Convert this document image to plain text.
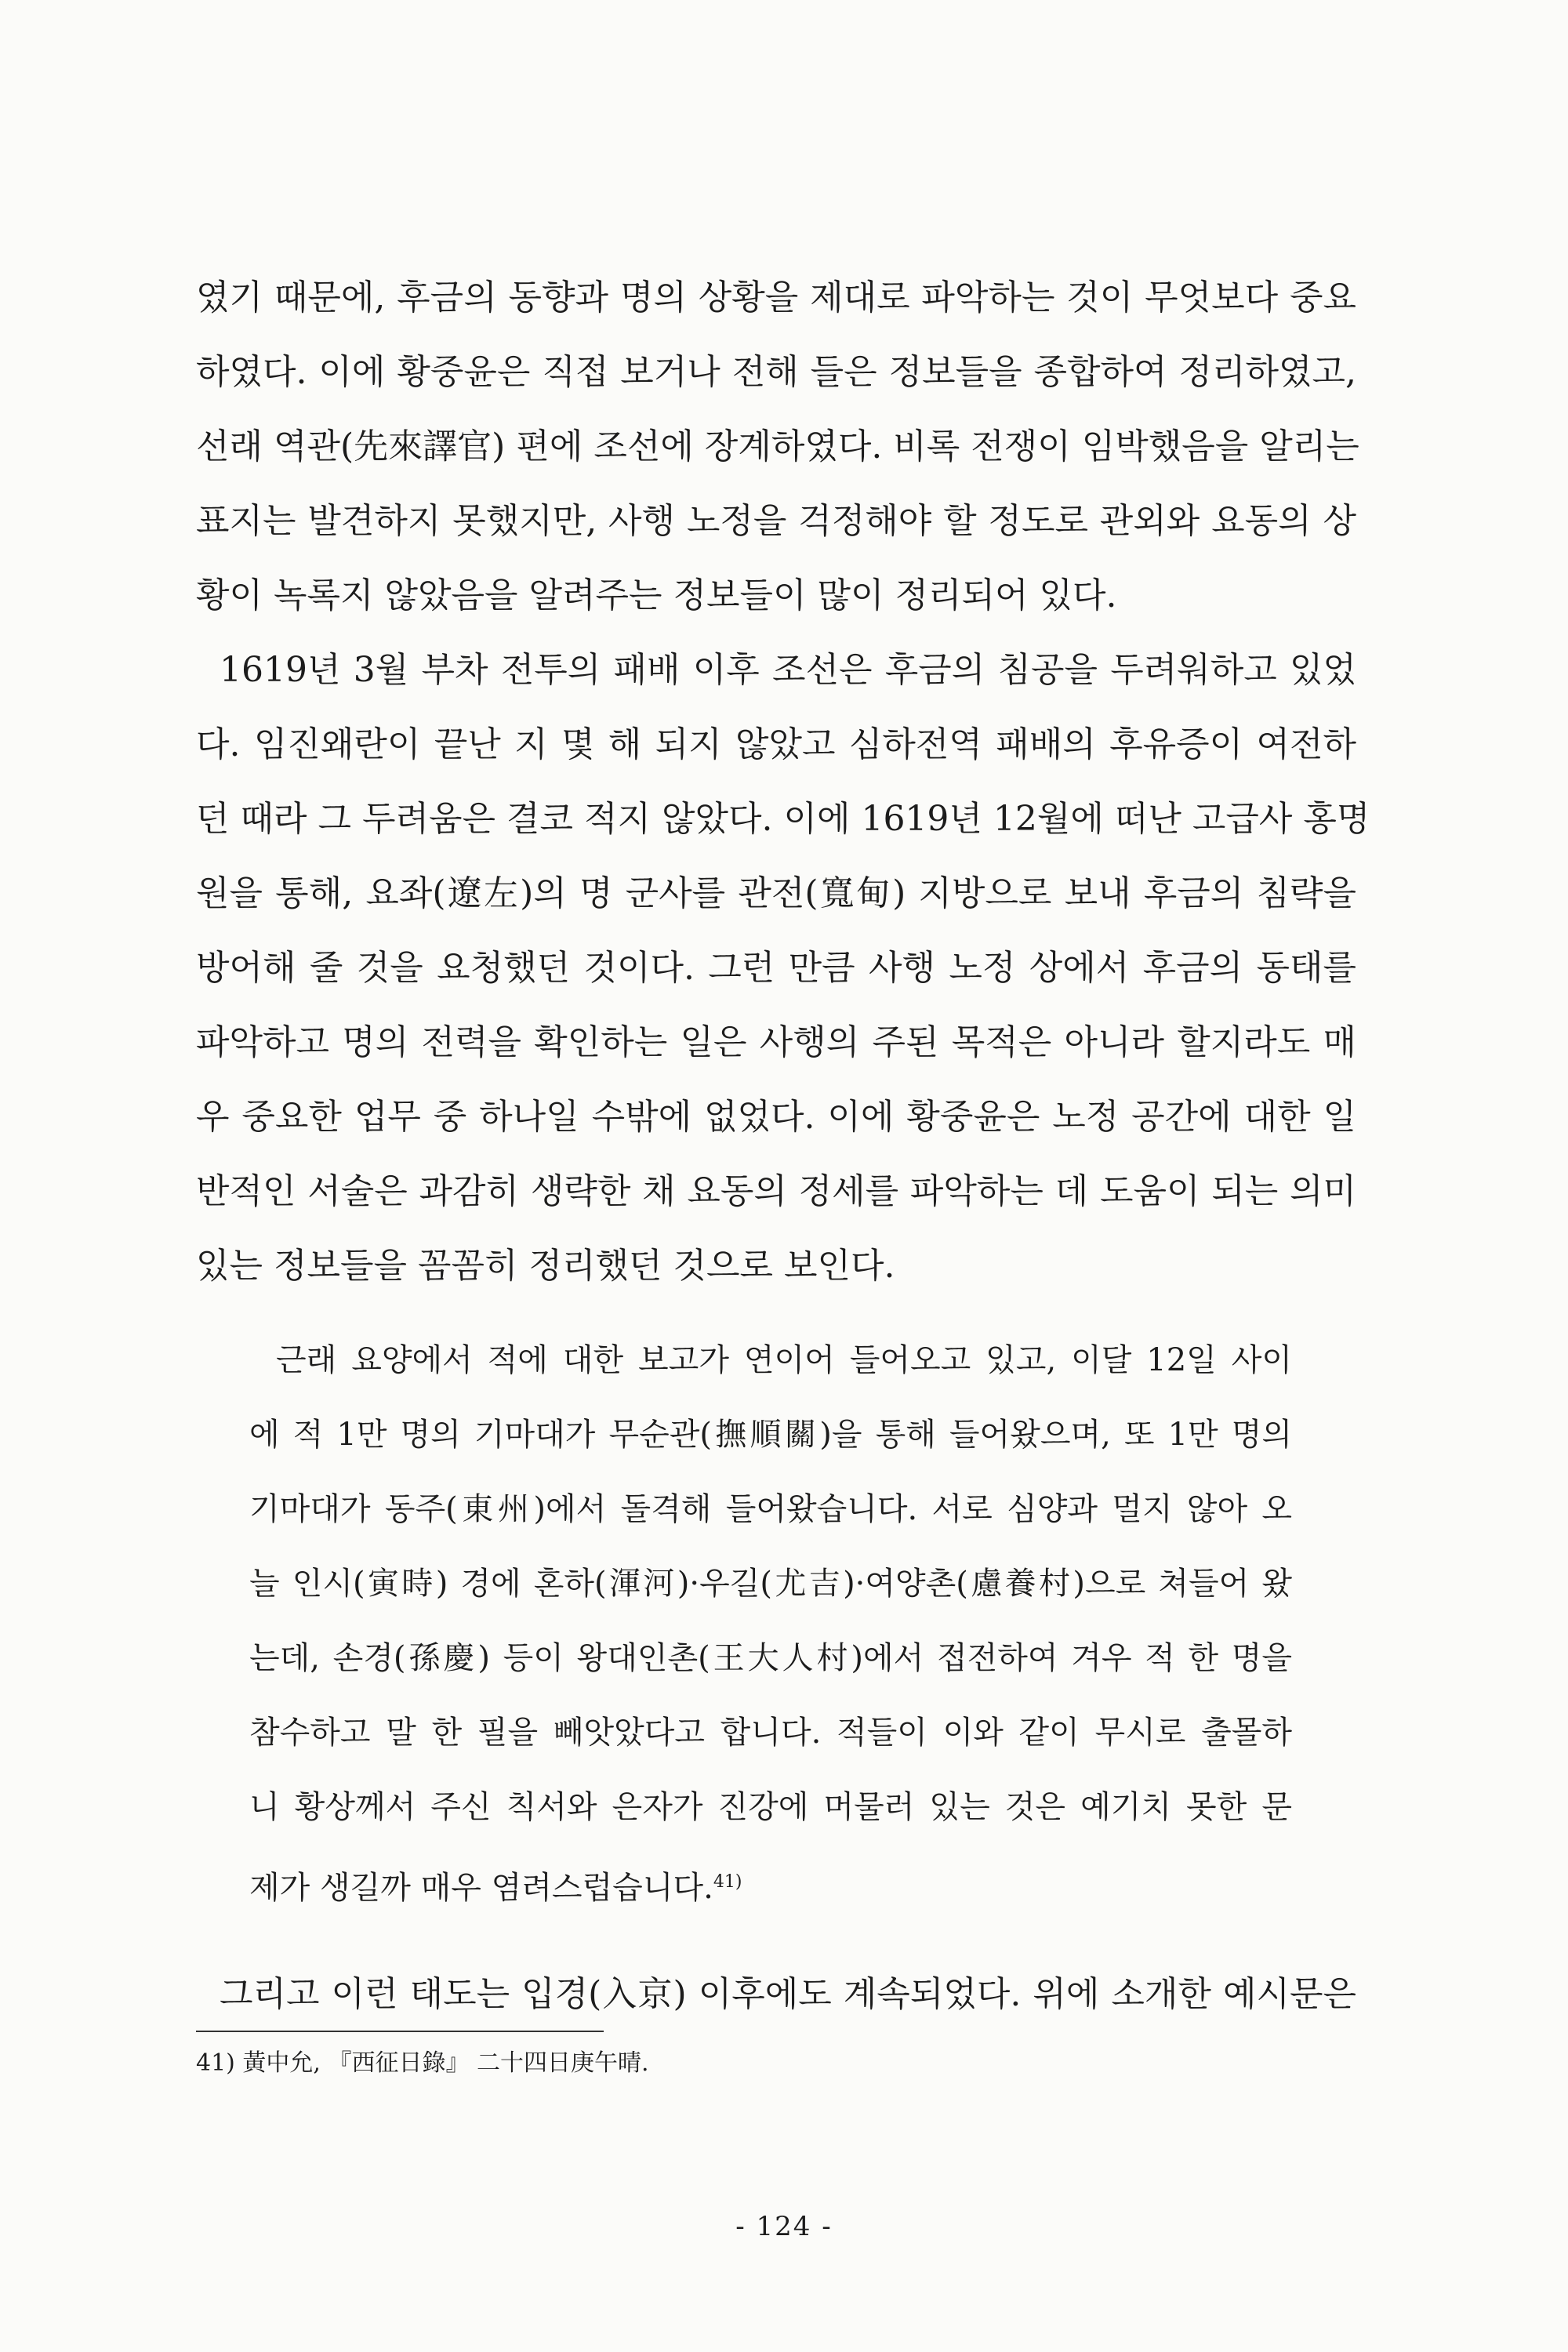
였기 때문에, 후금의 동향과 명의 상황을 제대로 파악하는 것이 무엇보다 중요

하였다. 이에 황중윤은 직접 보거나 전해 들은 정보들을 종합하여 정리하였고,

선래 역관(先來譯官) 편에 조선에 장계하였다. 비록 전쟁이 임박했음을 알리는

표지는 발견하지 못했지만, 사행 노정을 걱정해야 할 정도로 관외와 요동의 상

황이 녹록지 않았음을 알려주는 정보들이 많이 정리되어 있다.

1619년 3월 부차 전투의 패배 이후 조선은 후금의 침공을 두려워하고 있었

다. 임진왜란이 끝난 지 몇 해 되지 않았고 심하전역 패배의 후유증이 여전하

던 때라 그 두려움은 결코 적지 않았다. 이에 1619년 12월에 떠난 고급사 홍명

원을 통해, 요좌(遼左)의 명 군사를 관전(寬甸) 지방으로 보내 후금의 침략을

방어해 줄 것을 요청했던 것이다. 그런 만큼 사행 노정 상에서 후금의 동태를

파악하고 명의 전력을 확인하는 일은 사행의 주된 목적은 아니라 할지라도 매

우 중요한 업무 중 하나일 수밖에 없었다. 이에 황중윤은 노정 공간에 대한 일

반적인 서술은 과감히 생략한 채 요동의 정세를 파악하는 데 도움이 되는 의미

있는 정보들을 꼼꼼히 정리했던 것으로 보인다.

근래 요양에서 적에 대한 보고가 연이어 들어오고 있고, 이달 12일 사이

에 적 1만 명의 기마대가 무순관(撫順關)을 통해 들어왔으며, 또 1만 명의

기마대가 동주(東州)에서 돌격해 들어왔습니다. 서로 심양과 멀지 않아 오

늘 인시(寅時) 경에 혼하(渾河)·우길(尤吉)·여양촌(慮養村)으로 쳐들어 왔

는데, 손경(孫慶) 등이 왕대인촌(王大人村)에서 접전하여 겨우 적 한 명을

참수하고 말 한 필을 빼앗았다고 합니다. 적들이 이와 같이 무시로 출몰하

니 황상께서 주신 칙서와 은자가 진강에 머물러 있는 것은 예기치 못한 문

제가 생길까 매우 염려스럽습니다.$^{41)}$

그리고 이런 태도는 입경(入京) 이후에도 계속되었다. 위에 소개한 예시문은

41) 黃中允, 『西征日錄』 二十四日庚午晴.

- 124 -
